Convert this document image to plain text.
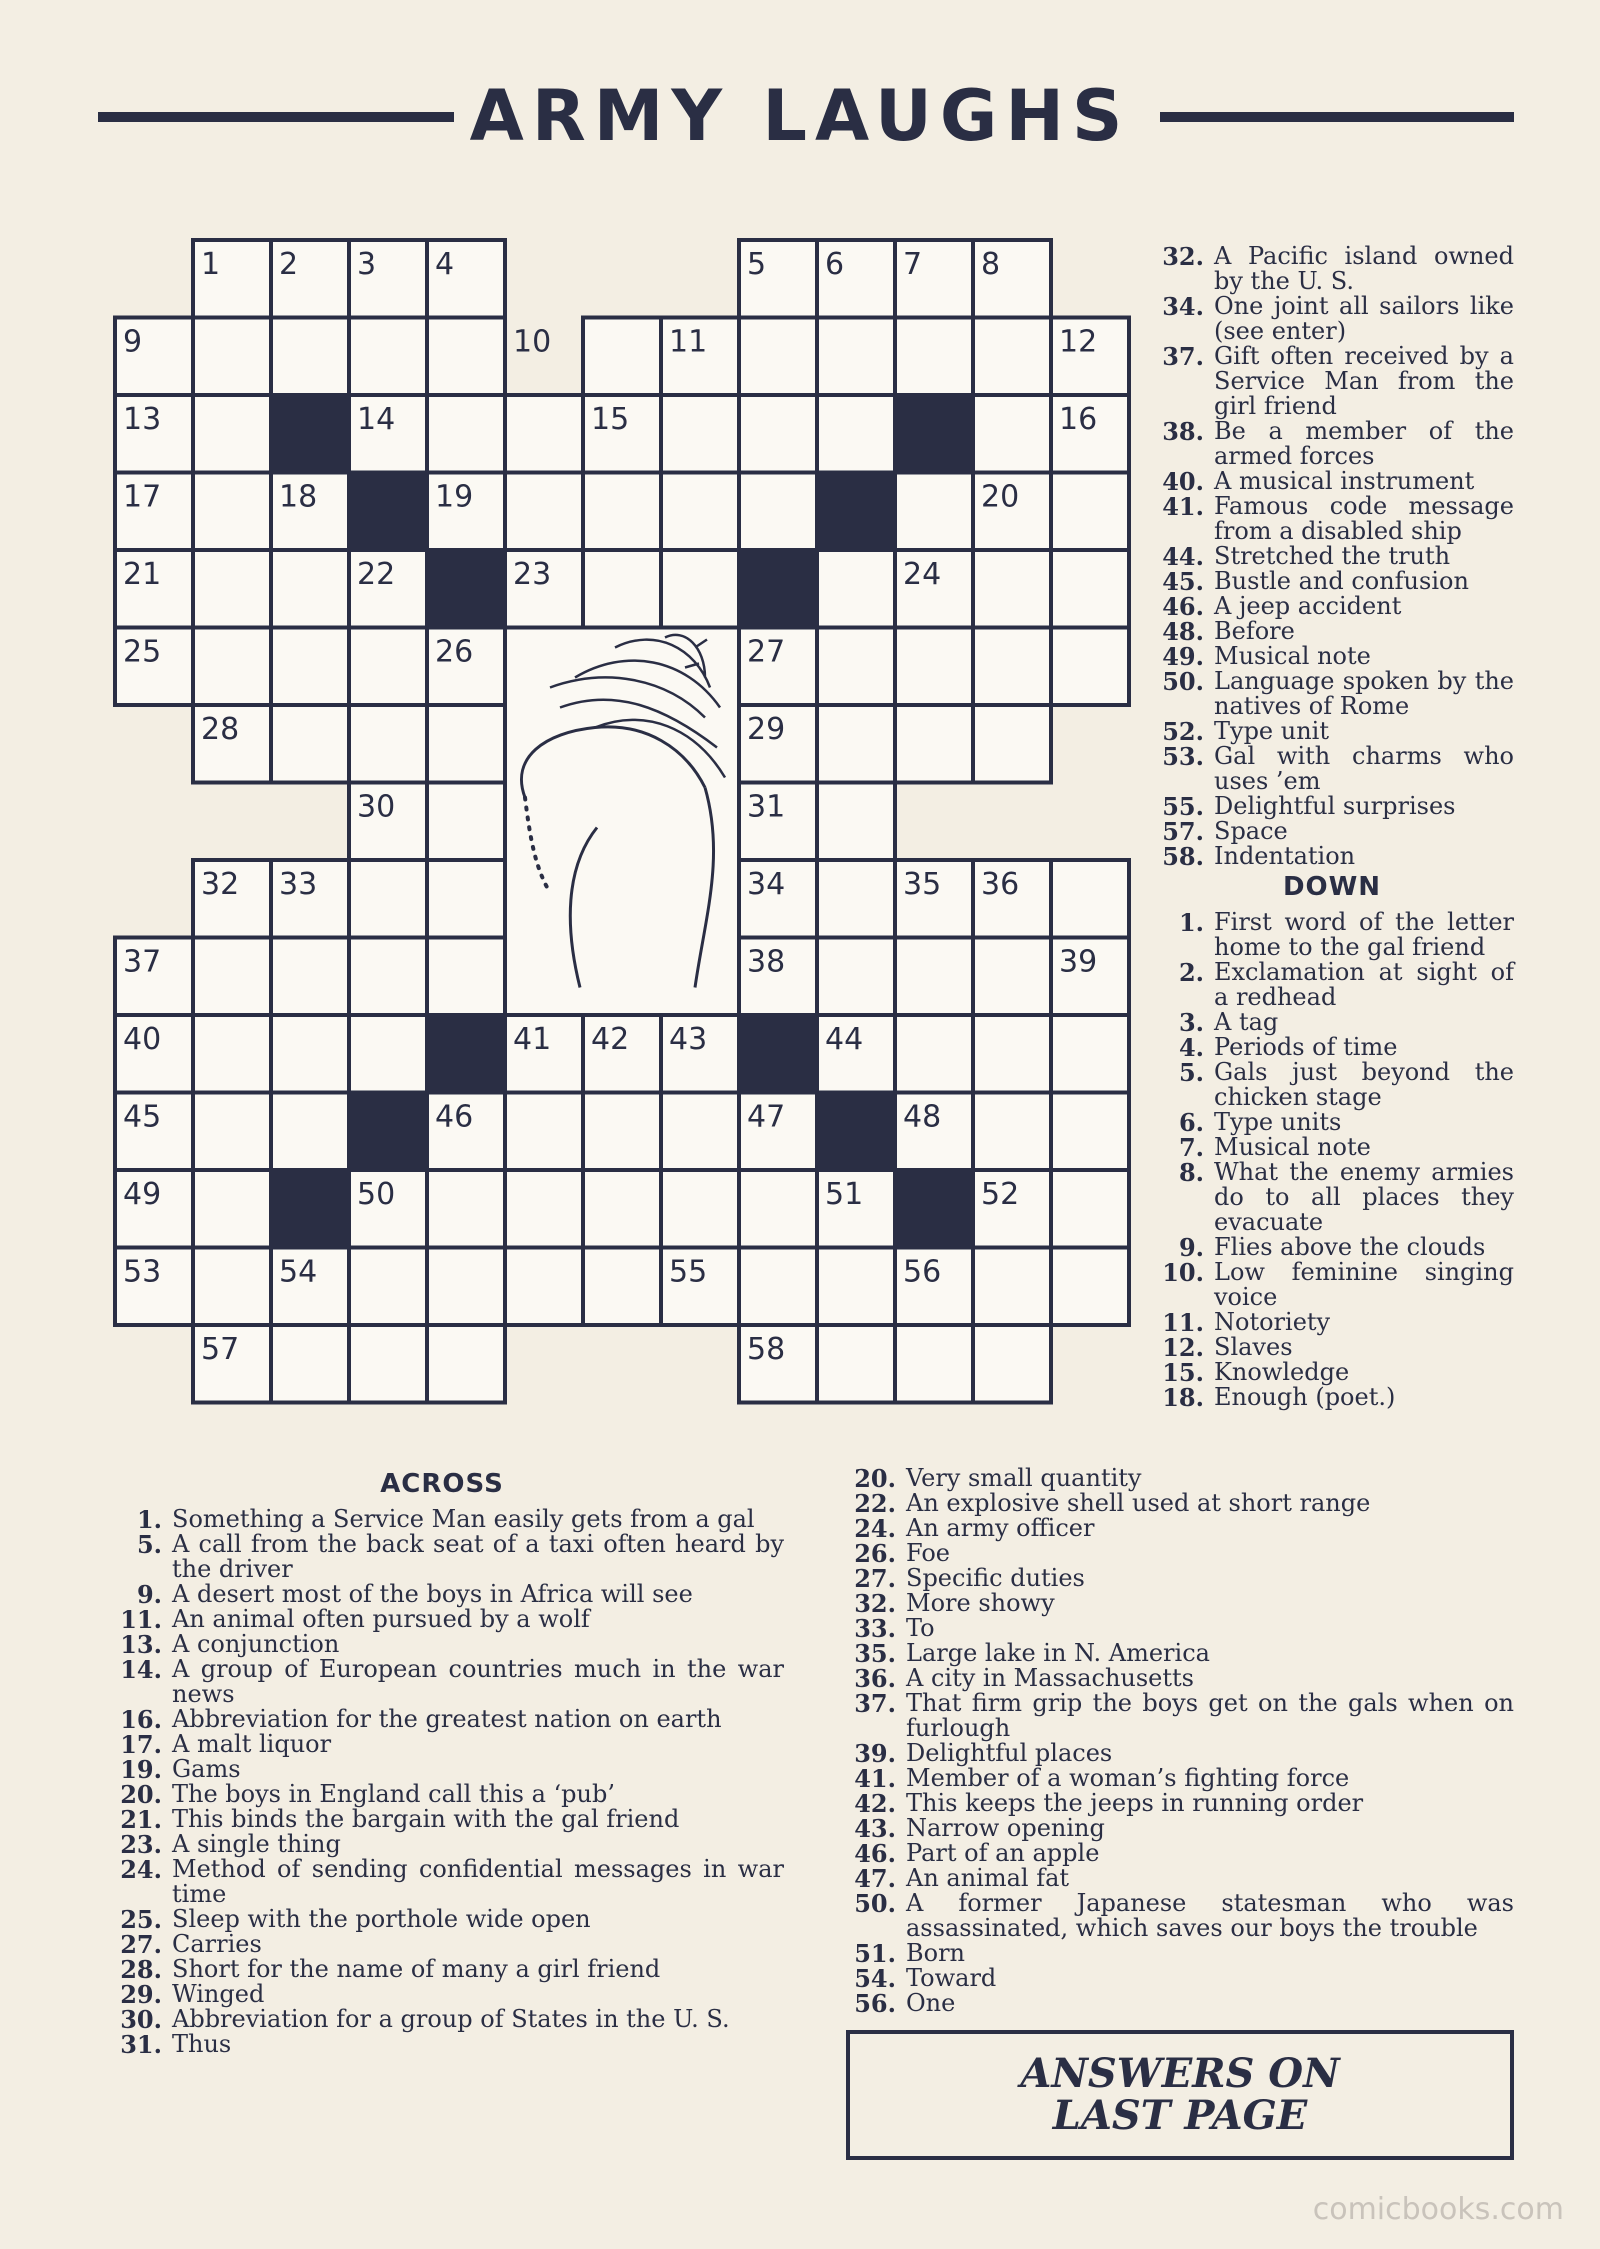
ARMY LAUGHS
1 2 3 4	5 6 7 8
9	10	11	12
13	14	15	16
17	18	19	20
21	22	23	24
25	26	27
28	29
30	31
32 33	34	35 36
37	38	39
40	41 42 43	44
45	46	47	48
49	50	51	52
53	54	55	56
57	58
32. A Pacific island owned by the U. S.
34. One joint all sailors like (see enter)
37. Gift often received by a Service Man from the girl friend
38. Be a member of the armed forces
40. A musical instrument
41. Famous code message from a disabled ship
44. Stretched the truth
45. Bustle and confusion
46. A jeep accident
48. Before
49. Musical note
50. Language spoken by the natives of Rome
52. Type unit
53. Gal with charms who uses ’em
55. Delightful surprises
57. Space
58. Indentation
DOWN
1. First word of the letter home to the gal friend
2. Exclamation at sight of a redhead
3. A tag
4. Periods of time
5. Gals just beyond the chicken stage
6. Type units
7. Musical note
8. What the enemy armies do to all places they evacuate
9. Flies above the clouds
10. Low feminine singing voice
11. Notoriety
12. Slaves
15. Knowledge
18. Enough (poet.)
ACROSS
1. Something a Service Man easily gets from a gal
5. A call from the back seat of a taxi often heard by the driver
9. A desert most of the boys in Africa will see
11. An animal often pursued by a wolf
13. A conjunction
14. A group of European countries much in the war news
16. Abbreviation for the greatest nation on earth
17. A malt liquor
19. Gams
20. The boys in England call this a ‘pub’
21. This binds the bargain with the gal friend
23. A single thing
24. Method of sending confidential messages in war time
25. Sleep with the porthole wide open
27. Carries
28. Short for the name of many a girl friend
29. Winged
30. Abbreviation for a group of States in the U. S.
31. Thus
20. Very small quantity
22. An explosive shell used at short range
24. An army officer
26. Foe
27. Specific duties
32. More showy
33. To
35. Large lake in N. America
36. A city in Massachusetts
37. That firm grip the boys get on the gals when on furlough
39. Delightful places
41. Member of a woman’s fighting force
42. This keeps the jeeps in running order
43. Narrow opening
46. Part of an apple
47. An animal fat
50. A former Japanese statesman who was assassinated, which saves our boys the trouble
51. Born
54. Toward
56. One
ANSWERS ON
LAST PAGE
comicbooks.com
